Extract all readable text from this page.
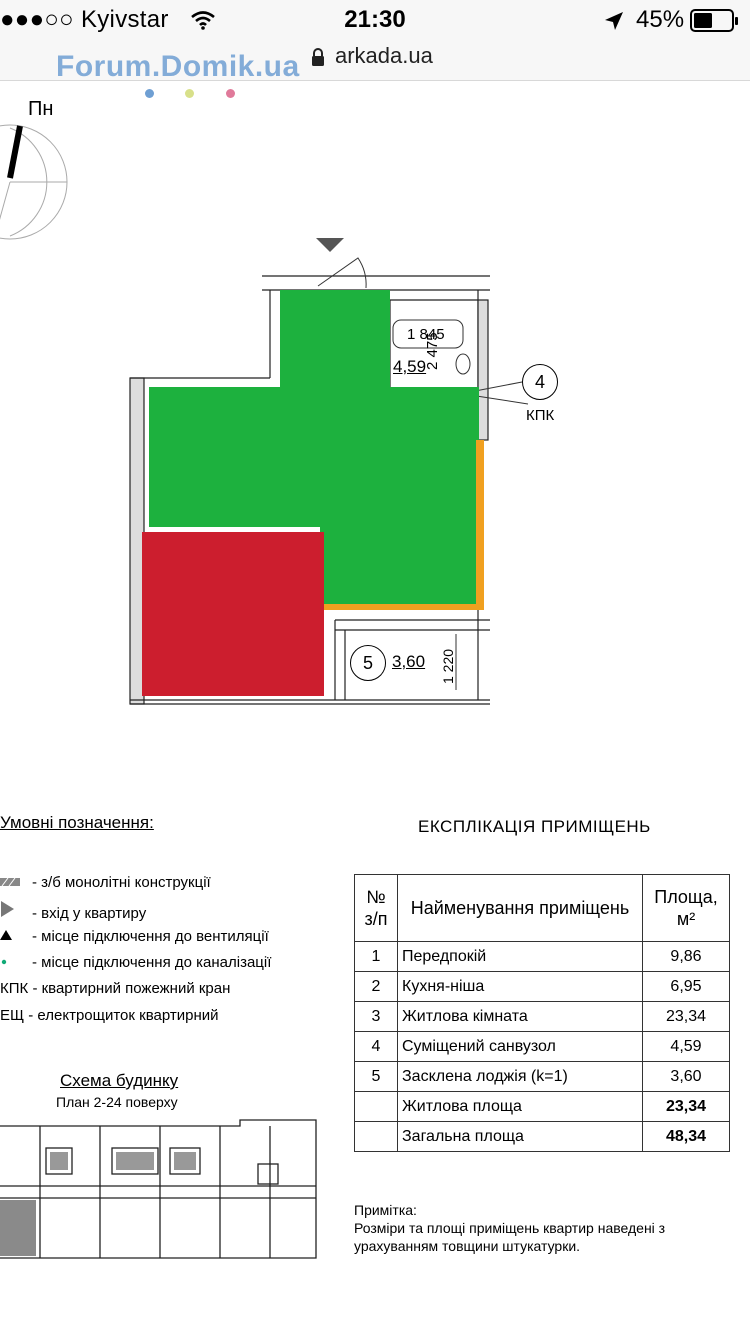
●●●○○ Kyivstar	21:30	45%
arkada.ua
Forum.Domik.ua
Пн
1 845
2 475
4,59
4
КПК
5	3,60 1 220
Умовні позначення:
- з/б монолітні конструкції
- вхід у квартиру
- місце підключення до вентиляції
- місце підключення до каналізації
КПК - квартирний пожежний кран
ЕЩ - електрощиток квартирний
Схема будинку
План 2-24 поверху
ЕКСПЛІКАЦІЯ ПРИМІЩЕНЬ
№ з/п	Найменування приміщень	Площа, м²
1	Передпокій	9,86
2	Кухня-ніша	6,95
3	Житлова кімната	23,34
4	Суміщений санвузол	4,59
5	Засклена лоджія (k=1)	3,60
	Житлова площа	23,34
	Загальна площа	48,34
Примітка:
Розміри та площі приміщень квартир наведені з урахуванням товщини штукатурки.
